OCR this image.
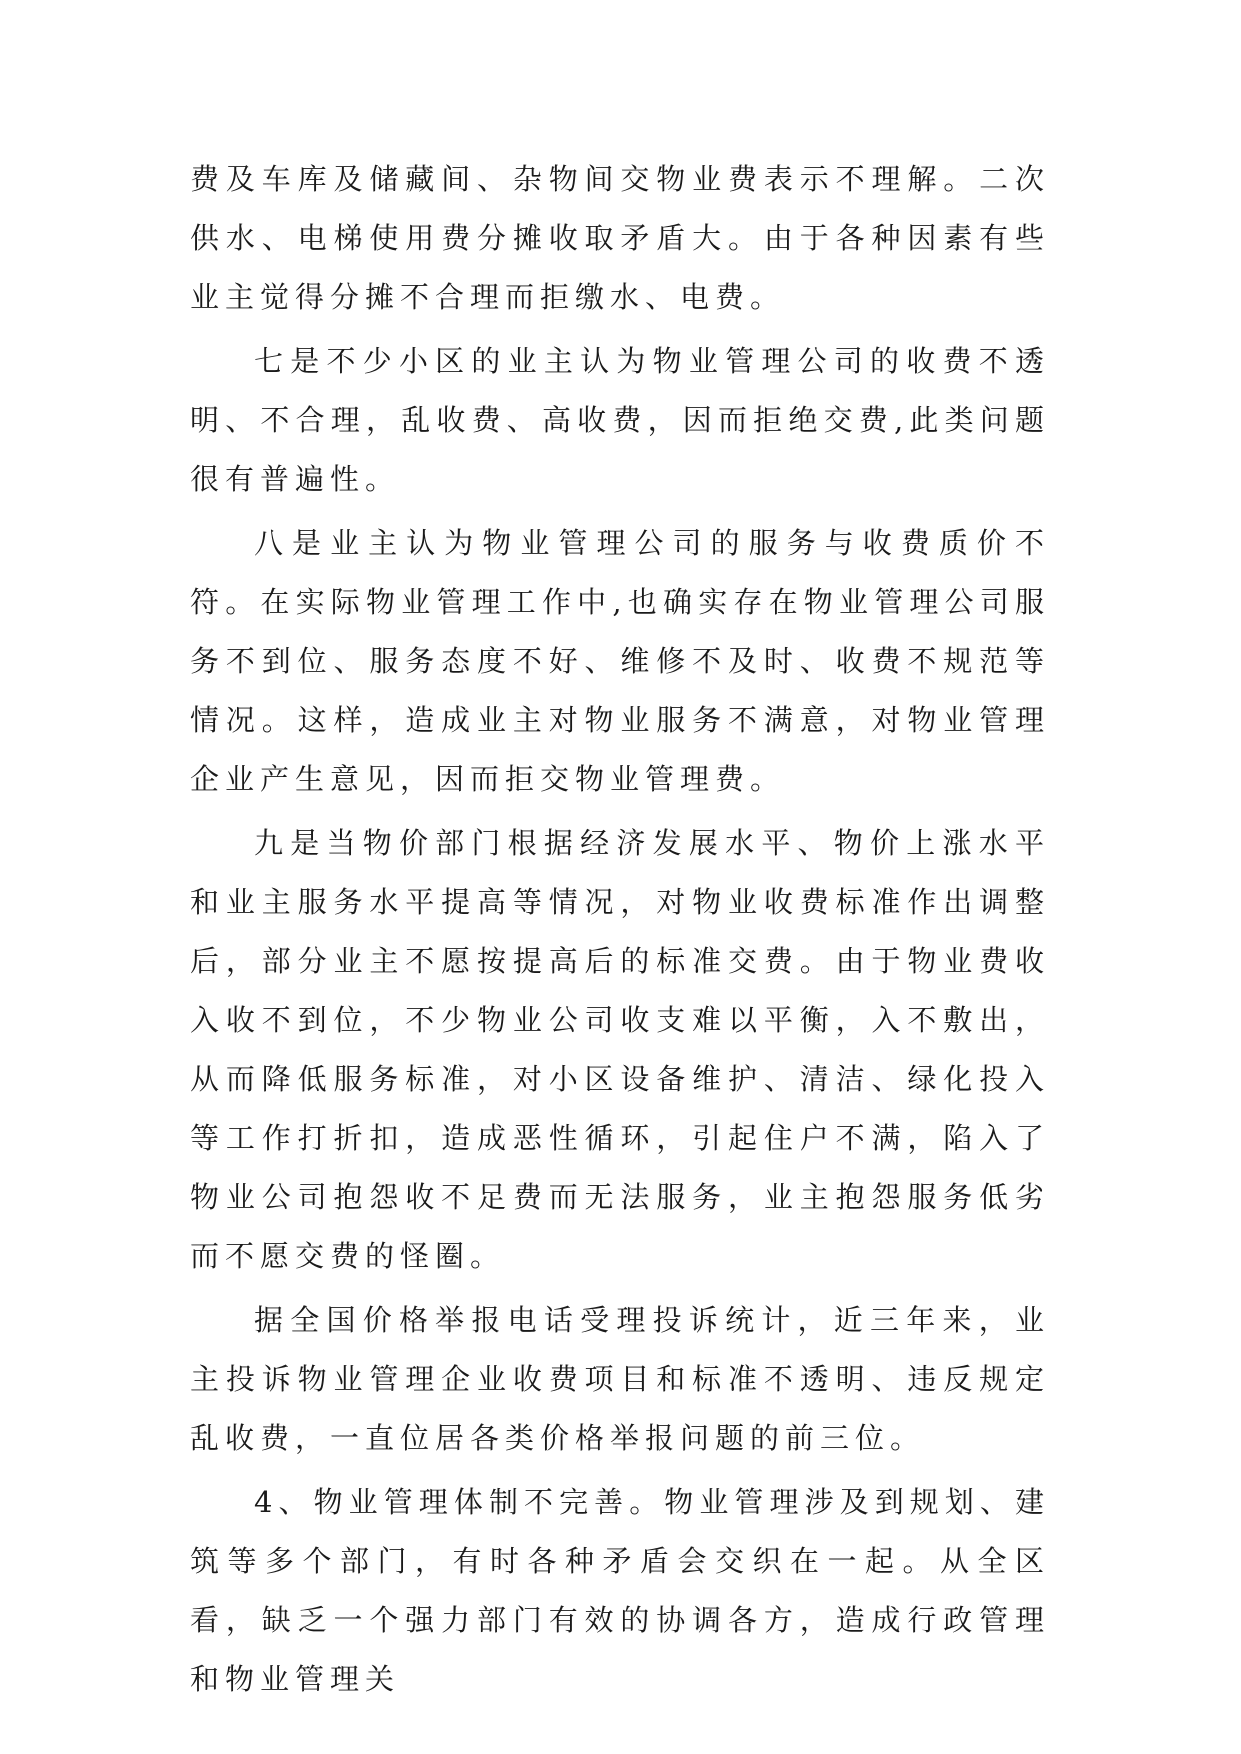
费及车库及储藏间、杂物间交物业费表示不理解。二次供水、电梯使用费分摊收取矛盾大。由于各种因素有些业主觉得分摊不合理而拒缴水、电费。

七是不少小区的业主认为物业管理公司的收费不透明、不合理，乱收费、高收费，因而拒绝交费,此类问题很有普遍性。

八是业主认为物业管理公司的服务与收费质价不符。在实际物业管理工作中,也确实存在物业管理公司服务不到位、服务态度不好、维修不及时、收费不规范等情况。这样，造成业主对物业服务不满意，对物业管理企业产生意见，因而拒交物业管理费。

九是当物价部门根据经济发展水平、物价上涨水平和业主服务水平提高等情况，对物业收费标准作出调整后，部分业主不愿按提高后的标准交费。由于物业费收入收不到位，不少物业公司收支难以平衡，入不敷出，从而降低服务标准，对小区设备维护、清洁、绿化投入等工作打折扣，造成恶性循环，引起住户不满，陷入了物业公司抱怨收不足费而无法服务，业主抱怨服务低劣而不愿交费的怪圈。

据全国价格举报电话受理投诉统计，近三年来，业主投诉物业管理企业收费项目和标准不透明、违反规定乱收费，一直位居各类价格举报问题的前三位。

4、物业管理体制不完善。物业管理涉及到规划、建筑等多个部门，有时各种矛盾会交织在一起。从全区看，缺乏一个强力部门有效的协调各方，造成行政管理和物业管理关
